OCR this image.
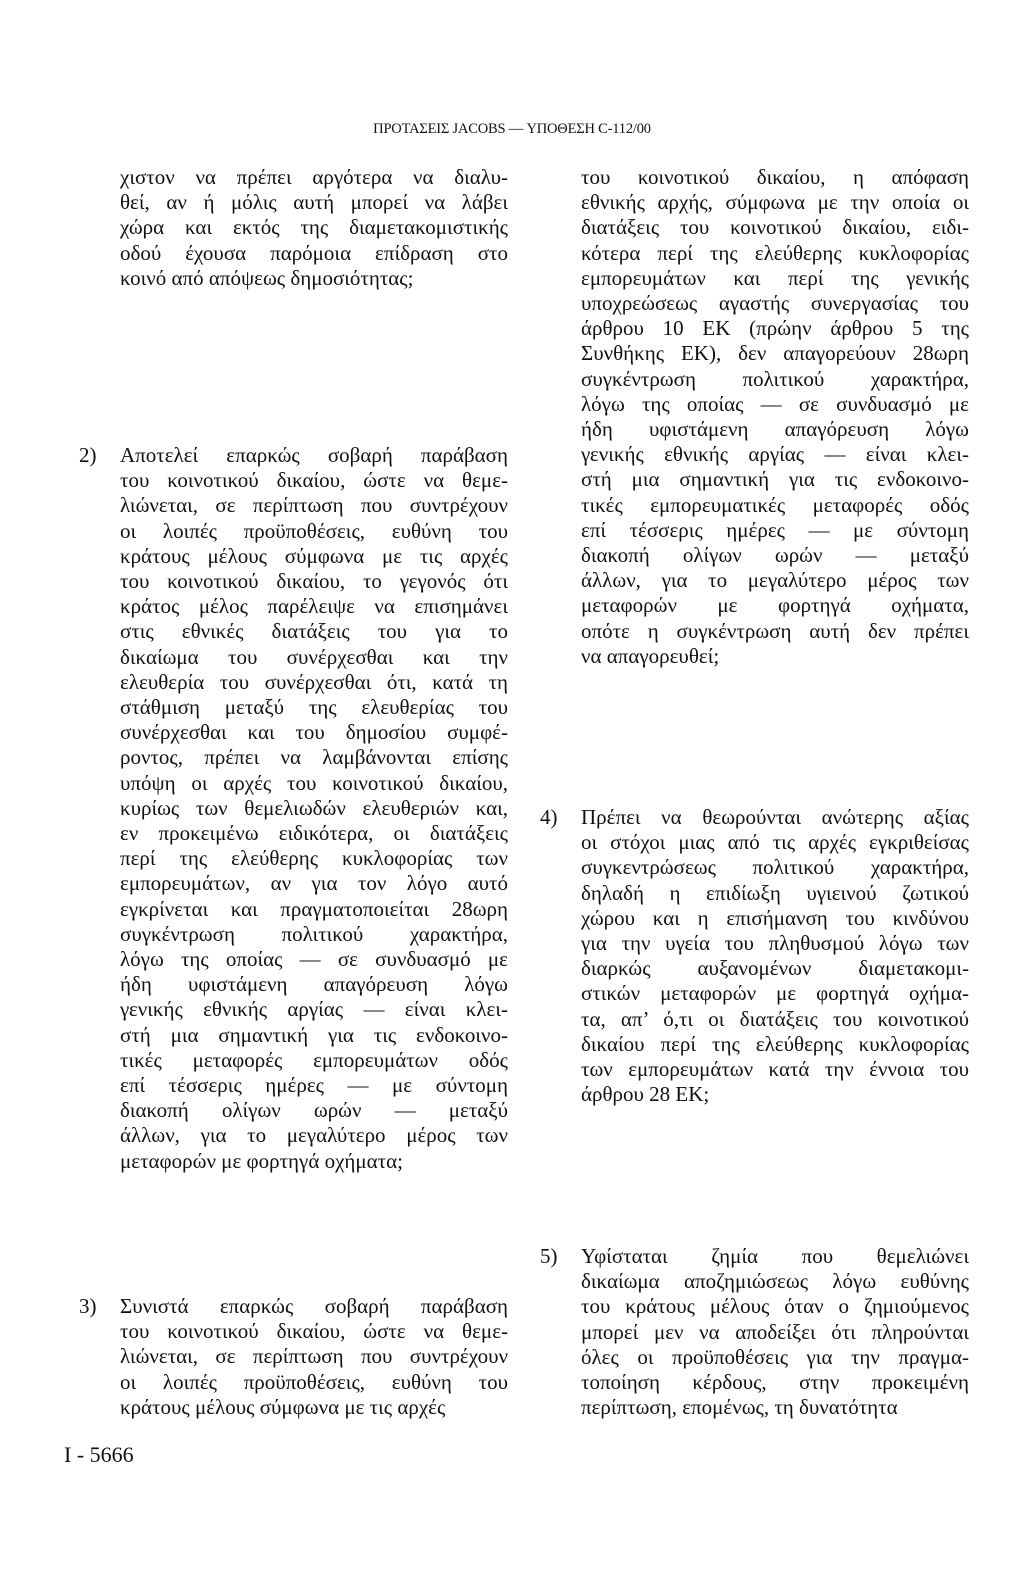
ΠΡΟΤΑΣΕΙΣ JACOBS — ΥΠΟΘΕΣΗ C-112/00
χιστον να πρέπει αργότερα να διαλυ-
θεί, αν ή μόλις αυτή μπορεί να λάβει
χώρα και εκτός της διαμετακομιστικής
οδού έχουσα παρόμοια επίδραση στο
κοινό από απόψεως δημοσιότητας;
2) Αποτελεί επαρκώς σοβαρή παράβαση
του κοινοτικού δικαίου, ώστε να θεμε-
λιώνεται, σε περίπτωση που συντρέχουν
οι λοιπές προϋποθέσεις, ευθύνη του
κράτους μέλους σύμφωνα με τις αρχές
του κοινοτικού δικαίου, το γεγονός ότι
κράτος μέλος παρέλειψε να επισημάνει
στις εθνικές διατάξεις του για το
δικαίωμα του συνέρχεσθαι και την
ελευθερία του συνέρχεσθαι ότι, κατά τη
στάθμιση μεταξύ της ελευθερίας του
συνέρχεσθαι και του δημοσίου συμφέ-
ροντος, πρέπει να λαμβάνονται επίσης
υπόψη οι αρχές του κοινοτικού δικαίου,
κυρίως των θεμελιωδών ελευθεριών και,
εν προκειμένω ειδικότερα, οι διατάξεις
περί της ελεύθερης κυκλοφορίας των
εμπορευμάτων, αν για τον λόγο αυτό
εγκρίνεται και πραγματοποιείται 28ωρη
συγκέντρωση πολιτικού χαρακτήρα,
λόγω της οποίας — σε συνδυασμό με
ήδη υφιστάμενη απαγόρευση λόγω
γενικής εθνικής αργίας — είναι κλει-
στή μια σημαντική για τις ενδοκοινο-
τικές μεταφορές εμπορευμάτων οδός
επί τέσσερις ημέρες — με σύντομη
διακοπή ολίγων ωρών — μεταξύ
άλλων, για το μεγαλύτερο μέρος των
μεταφορών με φορτηγά οχήματα;
3) Συνιστά επαρκώς σοβαρή παράβαση
του κοινοτικού δικαίου, ώστε να θεμε-
λιώνεται, σε περίπτωση που συντρέχουν
οι λοιπές προϋποθέσεις, ευθύνη του
κράτους μέλους σύμφωνα με τις αρχές
του κοινοτικού δικαίου, η απόφαση
εθνικής αρχής, σύμφωνα με την οποία οι
διατάξεις του κοινοτικού δικαίου, ειδι-
κότερα περί της ελεύθερης κυκλοφορίας
εμπορευμάτων και περί της γενικής
υποχρεώσεως αγαστής συνεργασίας του
άρθρου 10 ΕΚ (πρώην άρθρου 5 της
Συνθήκης ΕΚ), δεν απαγορεύουν 28ωρη
συγκέντρωση πολιτικού χαρακτήρα,
λόγω της οποίας — σε συνδυασμό με
ήδη υφιστάμενη απαγόρευση λόγω
γενικής εθνικής αργίας — είναι κλει-
στή μια σημαντική για τις ενδοκοινο-
τικές εμπορευματικές μεταφορές οδός
επί τέσσερις ημέρες — με σύντομη
διακοπή ολίγων ωρών — μεταξύ
άλλων, για το μεγαλύτερο μέρος των
μεταφορών με φορτηγά οχήματα,
οπότε η συγκέντρωση αυτή δεν πρέπει
να απαγορευθεί;
4) Πρέπει να θεωρούνται ανώτερης αξίας
οι στόχοι μιας από τις αρχές εγκριθείσας
συγκεντρώσεως πολιτικού χαρακτήρα,
δηλαδή η επιδίωξη υγιεινού ζωτικού
χώρου και η επισήμανση του κινδύνου
για την υγεία του πληθυσμού λόγω των
διαρκώς αυξανομένων διαμετακομι-
στικών μεταφορών με φορτηγά οχήμα-
τα, απ’ ό,τι οι διατάξεις του κοινοτικού
δικαίου περί της ελεύθερης κυκλοφορίας
των εμπορευμάτων κατά την έννοια του
άρθρου 28 ΕΚ;
5) Υφίσταται ζημία που θεμελιώνει
δικαίωμα αποζημιώσεως λόγω ευθύνης
του κράτους μέλους όταν ο ζημιούμενος
μπορεί μεν να αποδείξει ότι πληρούνται
όλες οι προϋποθέσεις για την πραγμα-
τοποίηση κέρδους, στην προκειμένη
περίπτωση, επομένως, τη δυνατότητα
I - 5666
